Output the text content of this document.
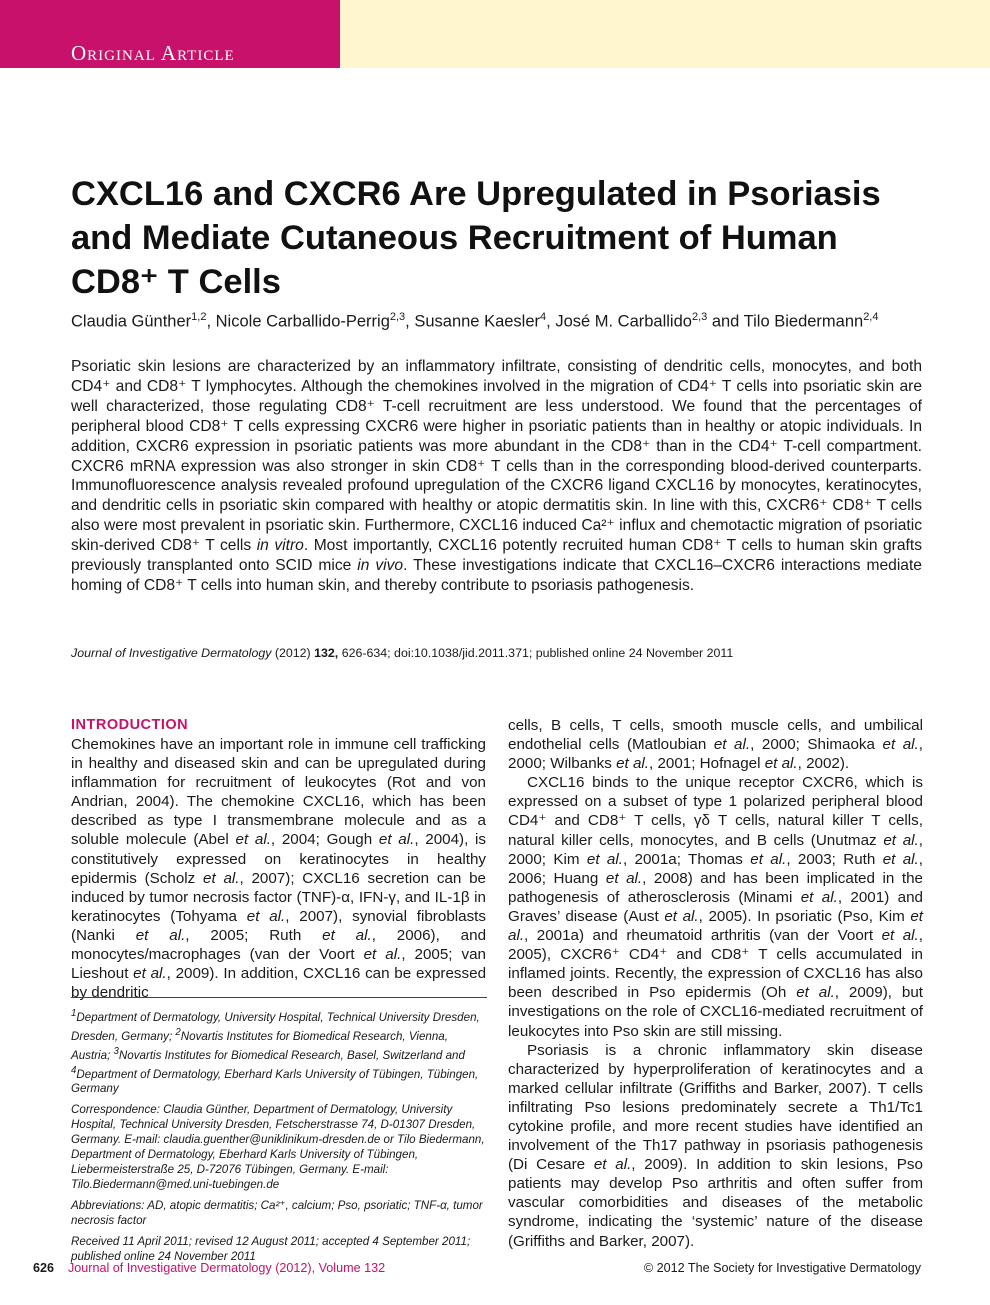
Original Article
CXCL16 and CXCR6 Are Upregulated in Psoriasis
and Mediate Cutaneous Recruitment of Human
CD8⁺ T Cells
Claudia Günther$^{1,2}$, Nicole Carballido-Perrig$^{2,3}$, Susanne Kaesler$^4$, José M. Carballido$^{2,3}$ and Tilo Biedermann$^{2,4}$
Psoriatic skin lesions are characterized by an inflammatory infiltrate, consisting of dendritic cells, monocytes, and both CD4⁺ and CD8⁺ T lymphocytes. Although the chemokines involved in the migration of CD4⁺ T cells into psoriatic skin are well characterized, those regulating CD8⁺ T-cell recruitment are less understood. We found that the percentages of peripheral blood CD8⁺ T cells expressing CXCR6 were higher in psoriatic patients than in healthy or atopic individuals. In addition, CXCR6 expression in psoriatic patients was more abundant in the CD8⁺ than in the CD4⁺ T-cell compartment. CXCR6 mRNA expression was also stronger in skin CD8⁺ T cells than in the corresponding blood-derived counterparts. Immunofluorescence analysis revealed profound upregulation of the CXCR6 ligand CXCL16 by monocytes, keratinocytes, and dendritic cells in psoriatic skin compared with healthy or atopic dermatitis skin. In line with this, CXCR6⁺ CD8⁺ T cells also were most prevalent in psoriatic skin. Furthermore, CXCL16 induced Ca²⁺ influx and chemotactic migration of psoriatic skin-derived CD8⁺ T cells in vitro. Most importantly, CXCL16 potently recruited human CD8⁺ T cells to human skin grafts previously transplanted onto SCID mice in vivo. These investigations indicate that CXCL16–CXCR6 interactions mediate homing of CD8⁺ T cells into human skin, and thereby contribute to psoriasis pathogenesis.
Journal of Investigative Dermatology (2012) 132, 626-634; doi:10.1038/jid.2011.371; published online 24 November 2011
INTRODUCTION

Chemokines have an important role in immune cell trafficking in healthy and diseased skin and can be upregulated during inflammation for recruitment of leukocytes (Rot and von Andrian, 2004). The chemokine CXCL16, which has been described as type I transmembrane molecule and as a soluble molecule (Abel et al., 2004; Gough et al., 2004), is constitutively expressed on keratinocytes in healthy epidermis (Scholz et al., 2007); CXCL16 secretion can be induced by tumor necrosis factor (TNF)-α, IFN-γ, and IL-1β in keratinocytes (Tohyama et al., 2007), synovial fibroblasts (Nanki et al., 2005; Ruth et al., 2006), and monocytes/macrophages (van der Voort et al., 2005; van Lieshout et al., 2009). In addition, CXCL16 can be expressed by dendritic

$^1$Department of Dermatology, University Hospital, Technical University Dresden, Dresden, Germany; $^2$Novartis Institutes for Biomedical Research, Vienna, Austria; $^3$Novartis Institutes for Biomedical Research, Basel, Switzerland and $^4$Department of Dermatology, Eberhard Karls University of Tübingen, Tübingen, Germany

Correspondence: Claudia Günther, Department of Dermatology, University Hospital, Technical University Dresden, Fetscherstrasse 74, D-01307 Dresden, Germany. E-mail: claudia.guenther@uniklinikum-dresden.de or Tilo Biedermann, Department of Dermatology, Eberhard Karls University of Tübingen, Liebermeisterstraße 25, D-72076 Tübingen, Germany. E-mail: Tilo.Biedermann@med.uni-tuebingen.de

Abbreviations: AD, atopic dermatitis; Ca²⁺, calcium; Pso, psoriatic; TNF-α, tumor necrosis factor

Received 11 April 2011; revised 12 August 2011; accepted 4 September 2011; published online 24 November 2011

cells, B cells, T cells, smooth muscle cells, and umbilical endothelial cells (Matloubian et al., 2000; Shimaoka et al., 2000; Wilbanks et al., 2001; Hofnagel et al., 2002).

CXCL16 binds to the unique receptor CXCR6, which is expressed on a subset of type 1 polarized peripheral blood CD4⁺ and CD8⁺ T cells, γδ T cells, natural killer T cells, natural killer cells, monocytes, and B cells (Unutmaz et al., 2000; Kim et al., 2001a; Thomas et al., 2003; Ruth et al., 2006; Huang et al., 2008) and has been implicated in the pathogenesis of atherosclerosis (Minami et al., 2001) and Graves’ disease (Aust et al., 2005). In psoriatic (Pso, Kim et al., 2001a) and rheumatoid arthritis (van der Voort et al., 2005), CXCR6⁺ CD4⁺ and CD8⁺ T cells accumulated in inflamed joints. Recently, the expression of CXCL16 has also been described in Pso epidermis (Oh et al., 2009), but investigations on the role of CXCL16-mediated recruitment of leukocytes into Pso skin are still missing.

Psoriasis is a chronic inflammatory skin disease characterized by hyperproliferation of keratinocytes and a marked cellular infiltrate (Griffiths and Barker, 2007). T cells infiltrating Pso lesions predominately secrete a Th1/Tc1 cytokine profile, and more recent studies have identified an involvement of the Th17 pathway in psoriasis pathogenesis (Di Cesare et al., 2009). In addition to skin lesions, Pso patients may develop Pso arthritis and often suffer from vascular comorbidities and diseases of the metabolic syndrome, indicating the ‘systemic’ nature of the disease (Griffiths and Barker, 2007).

626 Journal of Investigative Dermatology (2012), Volume 132	© 2012 The Society for Investigative Dermatology
